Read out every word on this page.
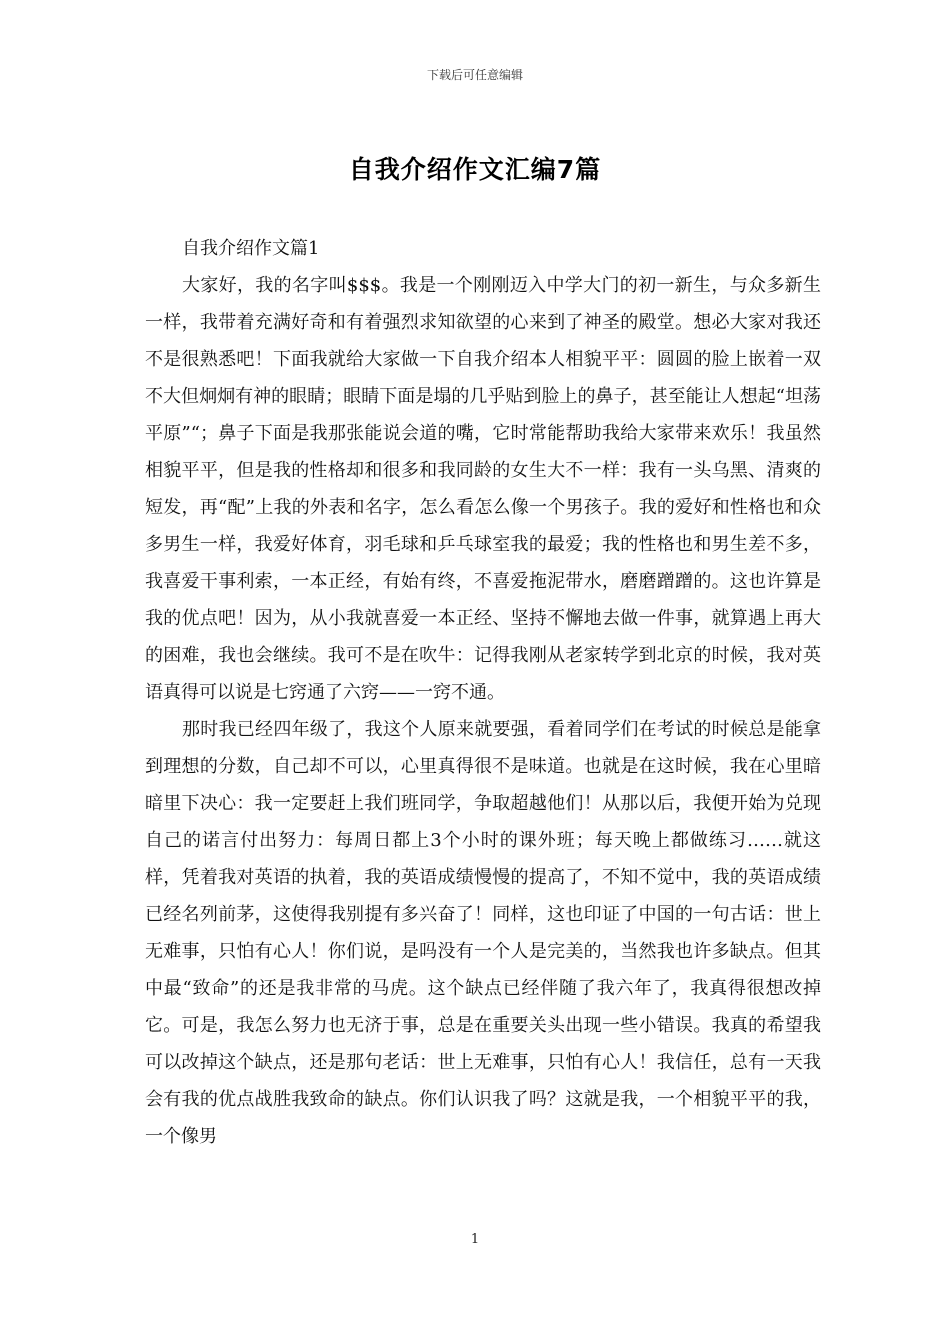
下载后可任意编辑
自我介绍作文汇编7篇

自我介绍作文篇1

大家好，我的名字叫$$$。我是一个刚刚迈入中学大门的初一新生，与众多新生一样，我带着充满好奇和有着强烈求知欲望的心来到了神圣的殿堂。想必大家对我还不是很熟悉吧！下面我就给大家做一下自我介绍本人相貌平平：圆圆的脸上嵌着一双不大但炯炯有神的眼睛；眼睛下面是塌的几乎贴到脸上的鼻子，甚至能让人想起“坦荡平原”“；鼻子下面是我那张能说会道的嘴，它时常能帮助我给大家带来欢乐！我虽然相貌平平，但是我的性格却和很多和我同龄的女生大不一样：我有一头乌黑、清爽的短发，再“配”上我的外表和名字，怎么看怎么像一个男孩子。我的爱好和性格也和众多男生一样，我爱好体育，羽毛球和乒乓球室我的最爱；我的性格也和男生差不多，我喜爱干事利索，一本正经，有始有终，不喜爱拖泥带水，磨磨蹭蹭的。这也许算是我的优点吧！因为，从小我就喜爱一本正经、坚持不懈地去做一件事，就算遇上再大的困难，我也会继续。我可不是在吹牛：记得我刚从老家转学到北京的时候，我对英语真得可以说是七窍通了六窍——一窍不通。

那时我已经四年级了，我这个人原来就要强，看着同学们在考试的时候总是能拿到理想的分数，自己却不可以，心里真得很不是味道。也就是在这时候，我在心里暗暗里下决心：我一定要赶上我们班同学，争取超越他们！从那以后，我便开始为兑现自己的诺言付出努力：每周日都上3个小时的课外班；每天晚上都做练习……就这样，凭着我对英语的执着，我的英语成绩慢慢的提高了，不知不觉中，我的英语成绩已经名列前茅，这使得我别提有多兴奋了！同样，这也印证了中国的一句古话：世上无难事，只怕有心人！你们说，是吗没有一个人是完美的，当然我也许多缺点。但其中最“致命”的还是我非常的马虎。这个缺点已经伴随了我六年了，我真得很想改掉它。可是，我怎么努力也无济于事，总是在重要关头出现一些小错误。我真的希望我可以改掉这个缺点，还是那句老话：世上无难事，只怕有心人！我信任，总有一天我会有我的优点战胜我致命的缺点。你们认识我了吗？这就是我，一个相貌平平的我，一个像男

1
